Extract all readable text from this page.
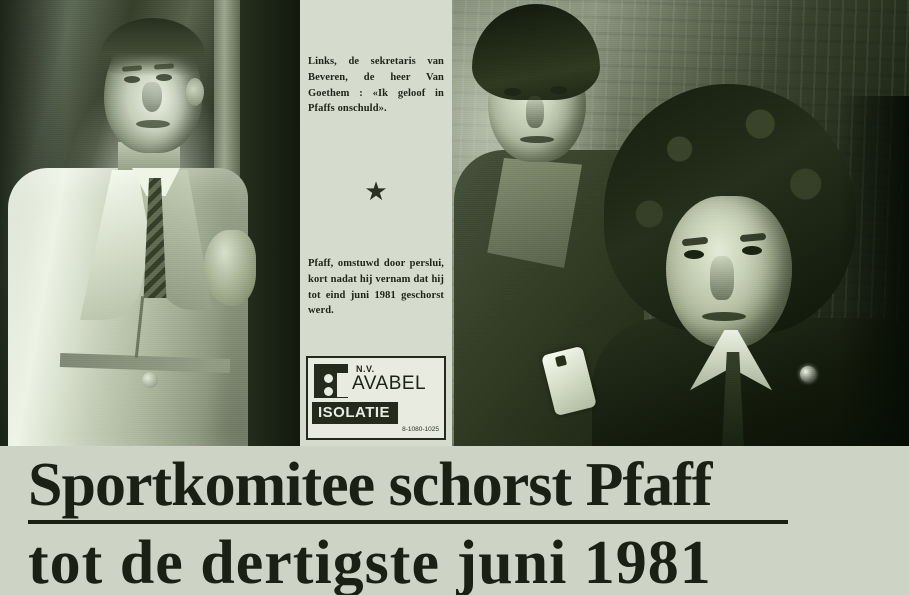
Links, de sekretaris van Beveren, de heer Van Goethem : «Ik geloof in Pfaffs onschuld».
★
Pfaff, omstuwd door perslui, kort nadat hij vernam dat hij tot eind juni 1981 geschorst werd.
N.V.
AVABEL
ISOLATIE
8-1080-1025
Sportkomitee schorst Pfaff
tot de dertigste juni 1981
